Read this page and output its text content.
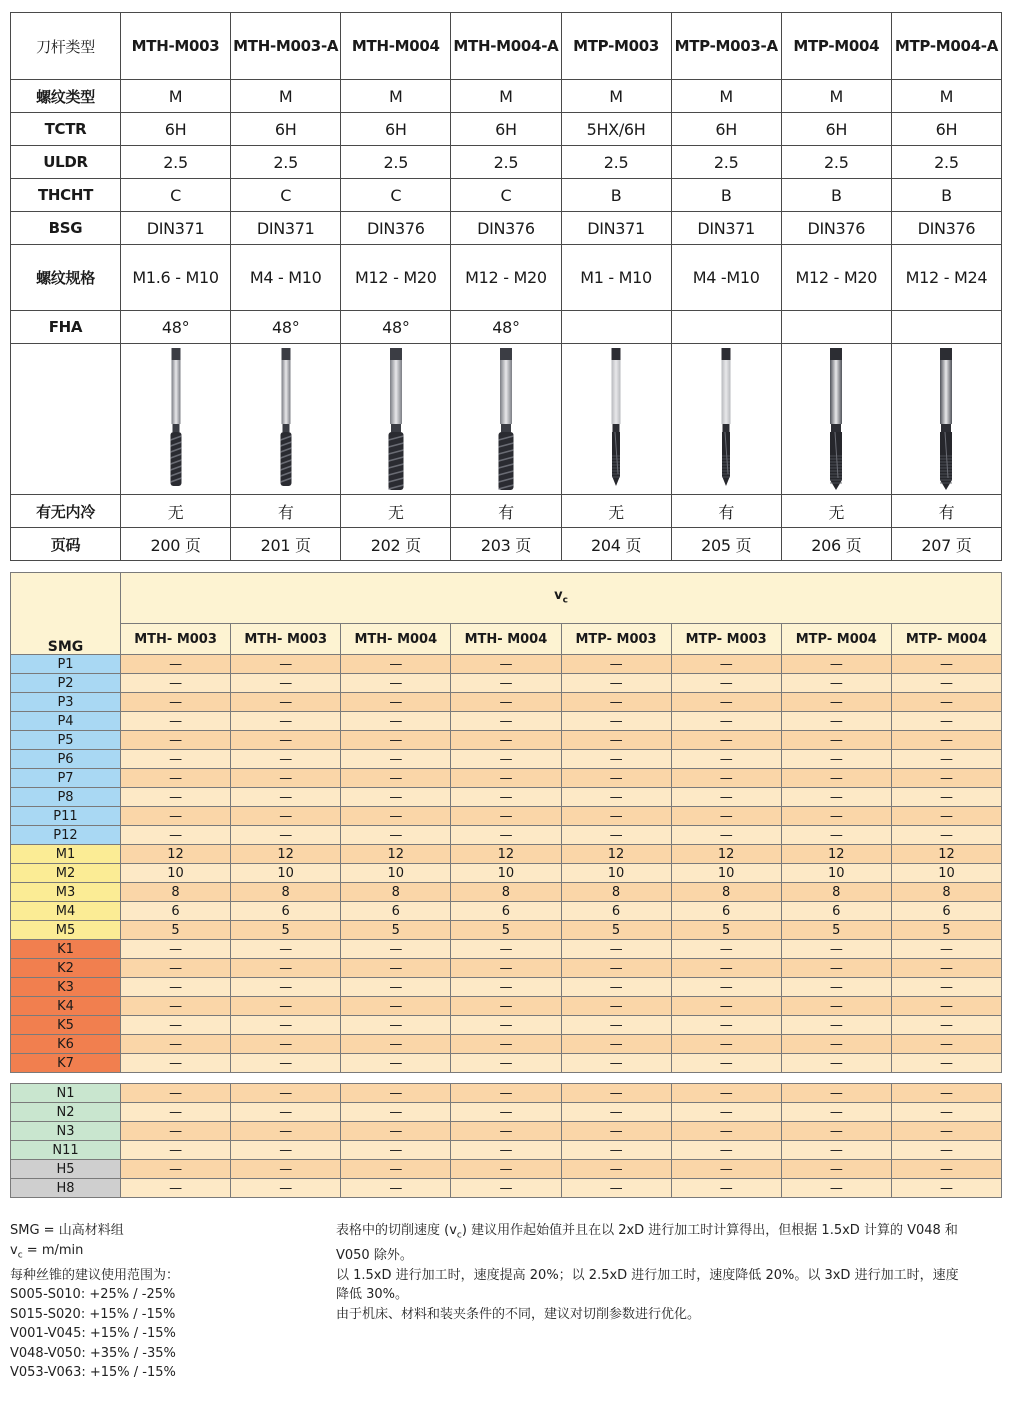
刀杆类型	MTH-M003	MTH-M003-A	MTH-M004	MTH-M004-A	MTP-M003	MTP-M003-A	MTP-M004	MTP-M004-A
螺纹类型	M	M	M	M	M	M	M	M
TCTR	6H	6H	6H	6H	5HX/6H	6H	6H	6H
ULDR	2.5	2.5	2.5	2.5	2.5	2.5	2.5	2.5
THCHT	C	C	C	C	B	B	B	B
BSG	DIN371	DIN371	DIN376	DIN376	DIN371	DIN371	DIN376	DIN376
螺纹规格	M1.6 - M10	M4 - M10	M12 - M20	M12 - M20	M1 - M10	M4 -M10	M12 - M20	M12 - M24
FHA	48°	48°	48°	48°				

有无内冷	无	有	无	有	无	有	无	有
页码	200 页	201 页	202 页	203 页	204 页	205 页	206 页	207 页
	$v_c$
SMG	MTH- M003	MTH- M003	MTH- M004	MTH- M004	MTP- M003	MTP- M003	MTP- M004	MTP- M004
P1	—	—	—	—	—	—	—	—
P2	—	—	—	—	—	—	—	—
P3	—	—	—	—	—	—	—	—
P4	—	—	—	—	—	—	—	—
P5	—	—	—	—	—	—	—	—
P6	—	—	—	—	—	—	—	—
P7	—	—	—	—	—	—	—	—
P8	—	—	—	—	—	—	—	—
P11	—	—	—	—	—	—	—	—
P12	—	—	—	—	—	—	—	—
M1	12	12	12	12	12	12	12	12
M2	10	10	10	10	10	10	10	10
M3	8	8	8	8	8	8	8	8
M4	6	6	6	6	6	6	6	6
M5	5	5	5	5	5	5	5	5
K1	—	—	—	—	—	—	—	—
K2	—	—	—	—	—	—	—	—
K3	—	—	—	—	—	—	—	—
K4	—	—	—	—	—	—	—	—
K5	—	—	—	—	—	—	—	—
K6	—	—	—	—	—	—	—	—
K7	—	—	—	—	—	—	—	—

N1	—	—	—	—	—	—	—	—
N2	—	—	—	—	—	—	—	—
N3	—	—	—	—	—	—	—	—
N11	—	—	—	—	—	—	—	—
H5	—	—	—	—	—	—	—	—
H8	—	—	—	—	—	—	—	—
SMG = 山高材料组
$v_c = m/\min$
每种丝锥的建议使用范围为：
S005-S010: +25% / -25%
S015-S020: +15% / -15%
V001-V045: +15% / -15%
V048-V050: +35% / -35%
V053-V063: +15% / -15%
表格中的切削速度 $(v_c)$ 建议用作起始值并且在以 2xD 进行加工时计算得出，但根据 1.5xD 计算的 V048 和
V050 除外。
以 1.5xD 进行加工时，速度提高 20%；以 2.5xD 进行加工时，速度降低 20%。以 3xD 进行加工时，速度
降低 30%。
由于机床、材料和装夹条件的不同，建议对切削参数进行优化。
